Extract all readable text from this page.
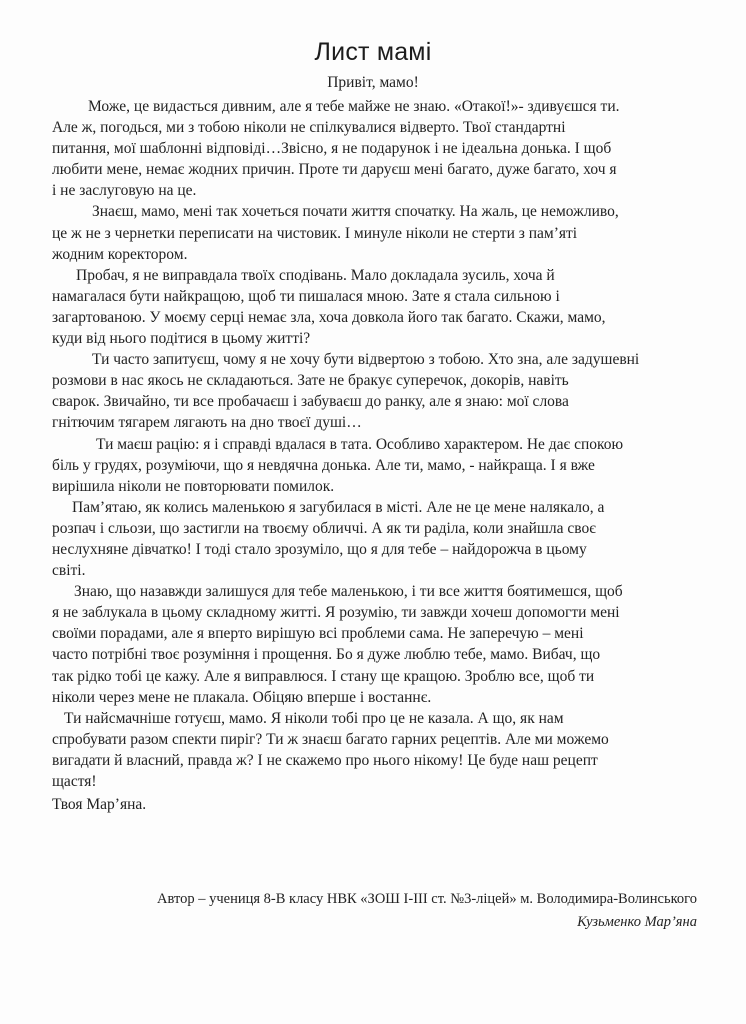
Лист мамі
Привіт, мамо!
Може, це видасться дивним, але я тебе майже не знаю. «Отакої!»- здивуєшся ти.
Але ж, погодься, ми з тобою ніколи не спілкувалися відверто. Твої стандартні
питання, мої шаблонні відповіді…Звісно, я не подарунок і не ідеальна донька. І щоб
любити мене, немає жодних причин. Проте ти даруєш мені багато, дуже багато, хоч я
і не заслуговую на це.
Знаєш, мамо, мені так хочеться почати життя спочатку. На жаль, це неможливо,
це ж не з чернетки переписати на чистовик. І минуле ніколи не стерти з пам’яті
жодним коректором.
Пробач, я не виправдала твоїх сподівань. Мало докладала зусиль, хоча й
намагалася бути найкращою, щоб ти пишалася мною. Зате я стала сильною і
загартованою. У моєму серці немає зла, хоча довкола його так багато. Скажи, мамо,
куди від нього подітися в цьому житті?
Ти часто запитуєш, чому я не хочу бути відвертою з тобою. Хто зна, але задушевні
розмови в нас якось не складаються. Зате не бракує суперечок, докорів, навіть
сварок. Звичайно, ти все пробачаєш і забуваєш до ранку, але я знаю: мої слова
гнітючим тягарем лягають на дно твоєї душі…
Ти маєш рацію: я і справді вдалася в тата. Особливо характером. Не дає спокою
біль у грудях, розуміючи, що я невдячна донька. Але ти, мамо, - найкраща. І я вже
вирішила ніколи не повторювати помилок.
Пам’ятаю, як колись маленькою я загубилася в місті. Але не це мене налякало, а
розпач і сльози, що застигли на твоєму обличчі. А як ти раділа, коли знайшла своє
неслухняне дівчатко! І тоді стало зрозуміло, що я для тебе – найдорожча в цьому
світі.
Знаю, що назавжди залишуся для тебе маленькою, і ти все життя боятимешся, щоб
я не заблукала в цьому складному житті. Я розумію, ти завжди хочеш допомогти мені
своїми порадами, але я вперто вирішую всі проблеми сама. Не заперечую – мені
часто потрібні твоє розуміння і прощення. Бо я дуже люблю тебе, мамо. Вибач, що
так рідко тобі це кажу. Але я виправлюся. І стану ще кращою. Зроблю все, щоб ти
ніколи через мене не плакала. Обіцяю вперше і востаннє.
Ти найсмачніше готуєш, мамо. Я ніколи тобі про це не казала. А що, як нам
спробувати разом спекти пиріг? Ти ж знаєш багато гарних рецептів. Але ми можемо
вигадати й власний, правда ж? І не скажемо про нього нікому! Це буде наш рецепт
щастя!
Твоя Мар’яна.
Автор – учениця 8-В класу НВК «ЗОШ І-ІІІ ст. №3-ліцей» м. Володимира-Волинського
Кузьменко Мар’яна
